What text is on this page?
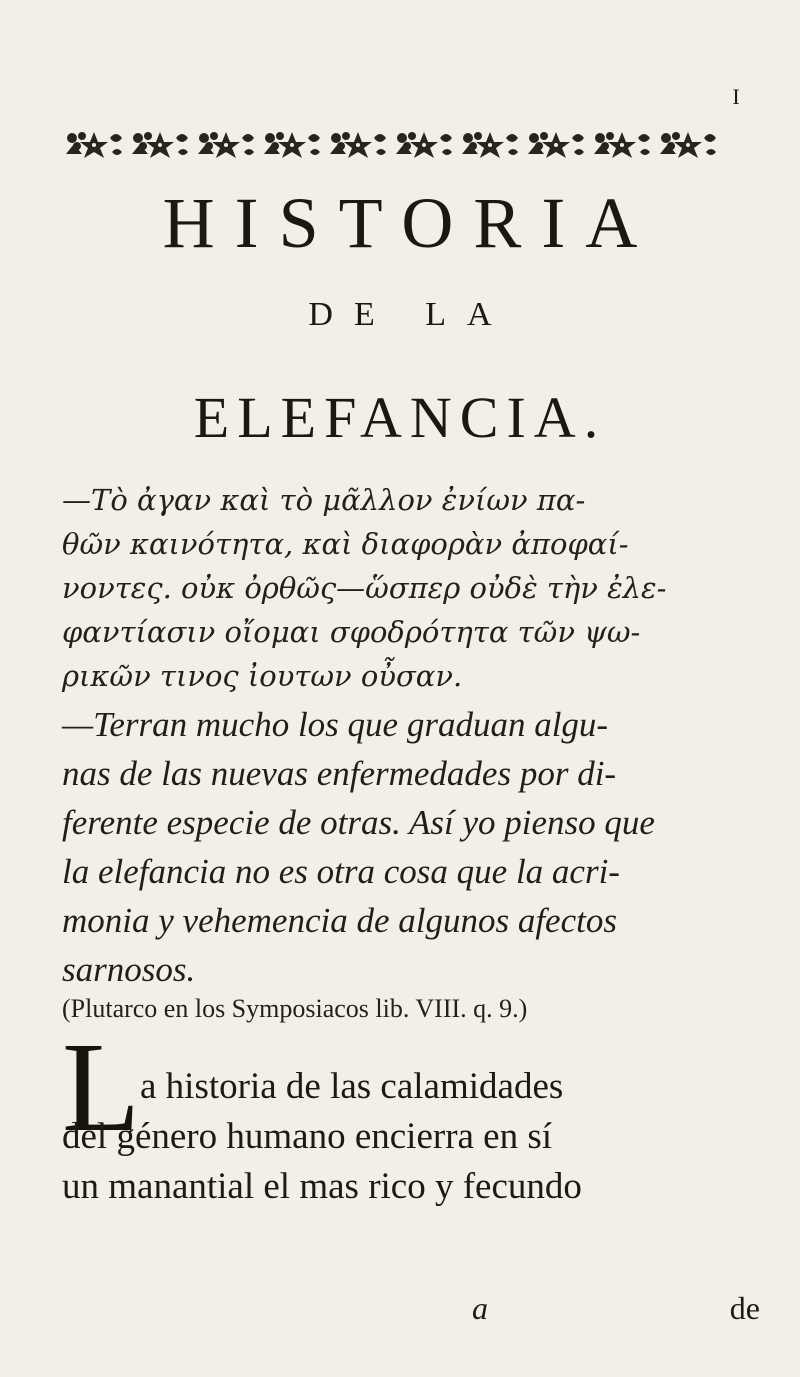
I
HISTORIA
DE LA
ELEFANCIA.
—Τὸ ἀγαν καὶ τὸ μᾶλλον ἐνίων πα-
θῶν καινότητα, καὶ διαφορὰν ἀποφαί-
νοντες. οὐκ ὀρθῶς—ὥσπερ οὐδὲ τὴν ἐλε-
φαντίασιν οἴομαι σφοδρότητα τῶν ψω-
ρικῶν τινος ἰουτων οὖσαν.
—Terran mucho los que graduan algu-
nas de las nuevas enfermedades por di-
ferente especie de otras. Así yo pienso que
la elefancia no es otra cosa que la acri-
monia y vehemencia de algunos afectos
sarnosos.
(Plutarco en los Symposiacos lib. VIII. q. 9.)
L a historia de las calamidades
del género humano encierra en sí
un manantial el mas rico y fecundo
a	de
